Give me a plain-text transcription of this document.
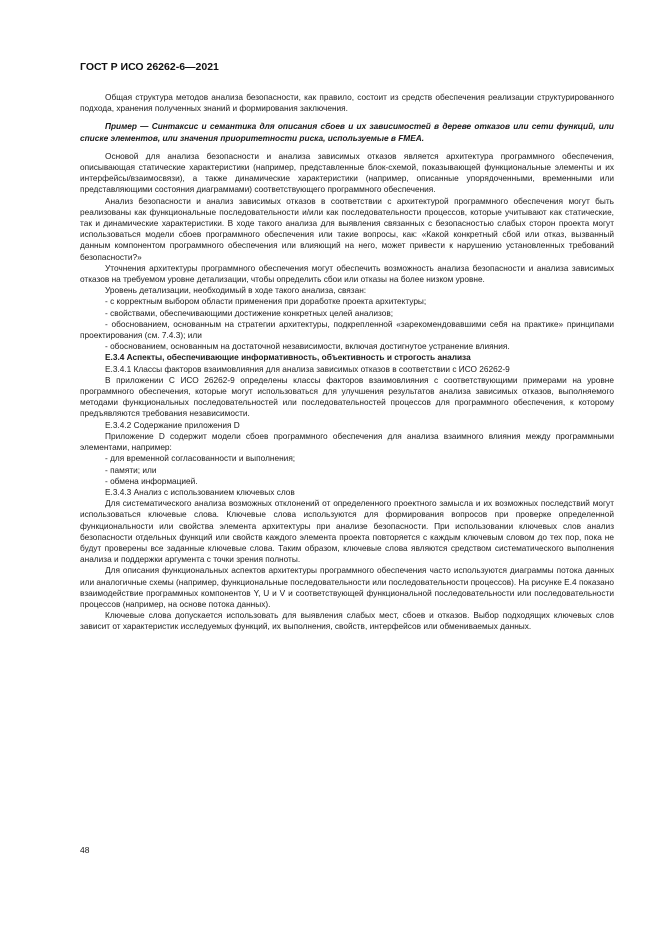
ГОСТ Р ИСО 26262-6—2021

Общая структура методов анализа безопасности, как правило, состоит из средств обеспечения реализации структурированного подхода, хранения полученных знаний и формирования заключения.

Пример — Синтаксис и семантика для описания сбоев и их зависимостей в дереве отказов или сети функций, или списке элементов, или значения приоритетности риска, используемые в FMEA.

Основой для анализа безопасности и анализа зависимых отказов является архитектура программного обеспечения, описывающая статические характеристики (например, представленные блок-схемой, показывающей функциональные элементы и их интерфейсы/взаимосвязи), а также динамические характеристики (например, описанные упорядоченными, временными или представляющими состояния диаграммами) соответствующего программного обеспечения.

Анализ безопасности и анализ зависимых отказов в соответствии с архитектурой программного обеспечения могут быть реализованы как функциональные последовательности и/или как последовательности процессов, которые учитывают как статические, так и динамические характеристики. В ходе такого анализа для выявления связанных с безопасностью слабых сторон проекта могут использоваться модели сбоев программного обеспечения или такие вопросы, как: «Какой конкретный сбой или отказ, вызванный данным компонентом программного обеспечения или влияющий на него, может привести к нарушению установленных требований безопасности?»

Уточнения архитектуры программного обеспечения могут обеспечить возможность анализа безопасности и анализа зависимых отказов на требуемом уровне детализации, чтобы определить сбои или отказы на более низком уровне.

Уровень детализации, необходимый в ходе такого анализа, связан:

- с корректным выбором области применения при доработке проекта архитектуры;

- свойствами, обеспечивающими достижение конкретных целей анализов;

- обоснованием, основанным на стратегии архитектуры, подкрепленной «зарекомендовавшими себя на практике» принципами проектирования (см. 7.4.3); или

- обоснованием, основанным на достаточной независимости, включая достигнутое устранение влияния.

Е.3.4 Аспекты, обеспечивающие информативность, объективность и строгость анализа

Е.3.4.1 Классы факторов взаимовлияния для анализа зависимых отказов в соответствии с ИСО 26262-9

В приложении С ИСО 26262-9 определены классы факторов взаимовлияния с соответствующими примерами на уровне программного обеспечения, которые могут использоваться для улучшения результатов анализа зависимых отказов, выполняемого методами функциональных последовательностей или последовательностей процессов для программного обеспечения, к которому предъявляются требования независимости.

Е.3.4.2 Содержание приложения D

Приложение D содержит модели сбоев программного обеспечения для анализа взаимного влияния между программными элементами, например:

- для временной согласованности и выполнения;

- памяти; или

- обмена информацией.

Е.3.4.3 Анализ с использованием ключевых слов

Для систематического анализа возможных отклонений от определенного проектного замысла и их возможных последствий могут использоваться ключевые слова. Ключевые слова используются для формирования вопросов при проверке определенной функциональности или свойства элемента архитектуры при анализе безопасности. При использовании ключевых слов анализ безопасности отдельных функций или свойств каждого элемента проекта повторяется с каждым ключевым словом до тех пор, пока не будут проверены все заданные ключевые слова. Таким образом, ключевые слова являются средством систематического выполнения анализа и поддержки аргумента с точки зрения полноты.

Для описания функциональных аспектов архитектуры программного обеспечения часто используются диаграммы потока данных или аналогичные схемы (например, функциональные последовательности или последовательности процессов). На рисунке Е.4 показано взаимодействие программных компонентов Y, U и V и соответствующей функциональной последовательности или последовательности процессов (например, на основе потока данных).

Ключевые слова допускается использовать для выявления слабых мест, сбоев и отказов. Выбор подходящих ключевых слов зависит от характеристик исследуемых функций, их выполнения, свойств, интерфейсов или обмениваемых данных.

48
